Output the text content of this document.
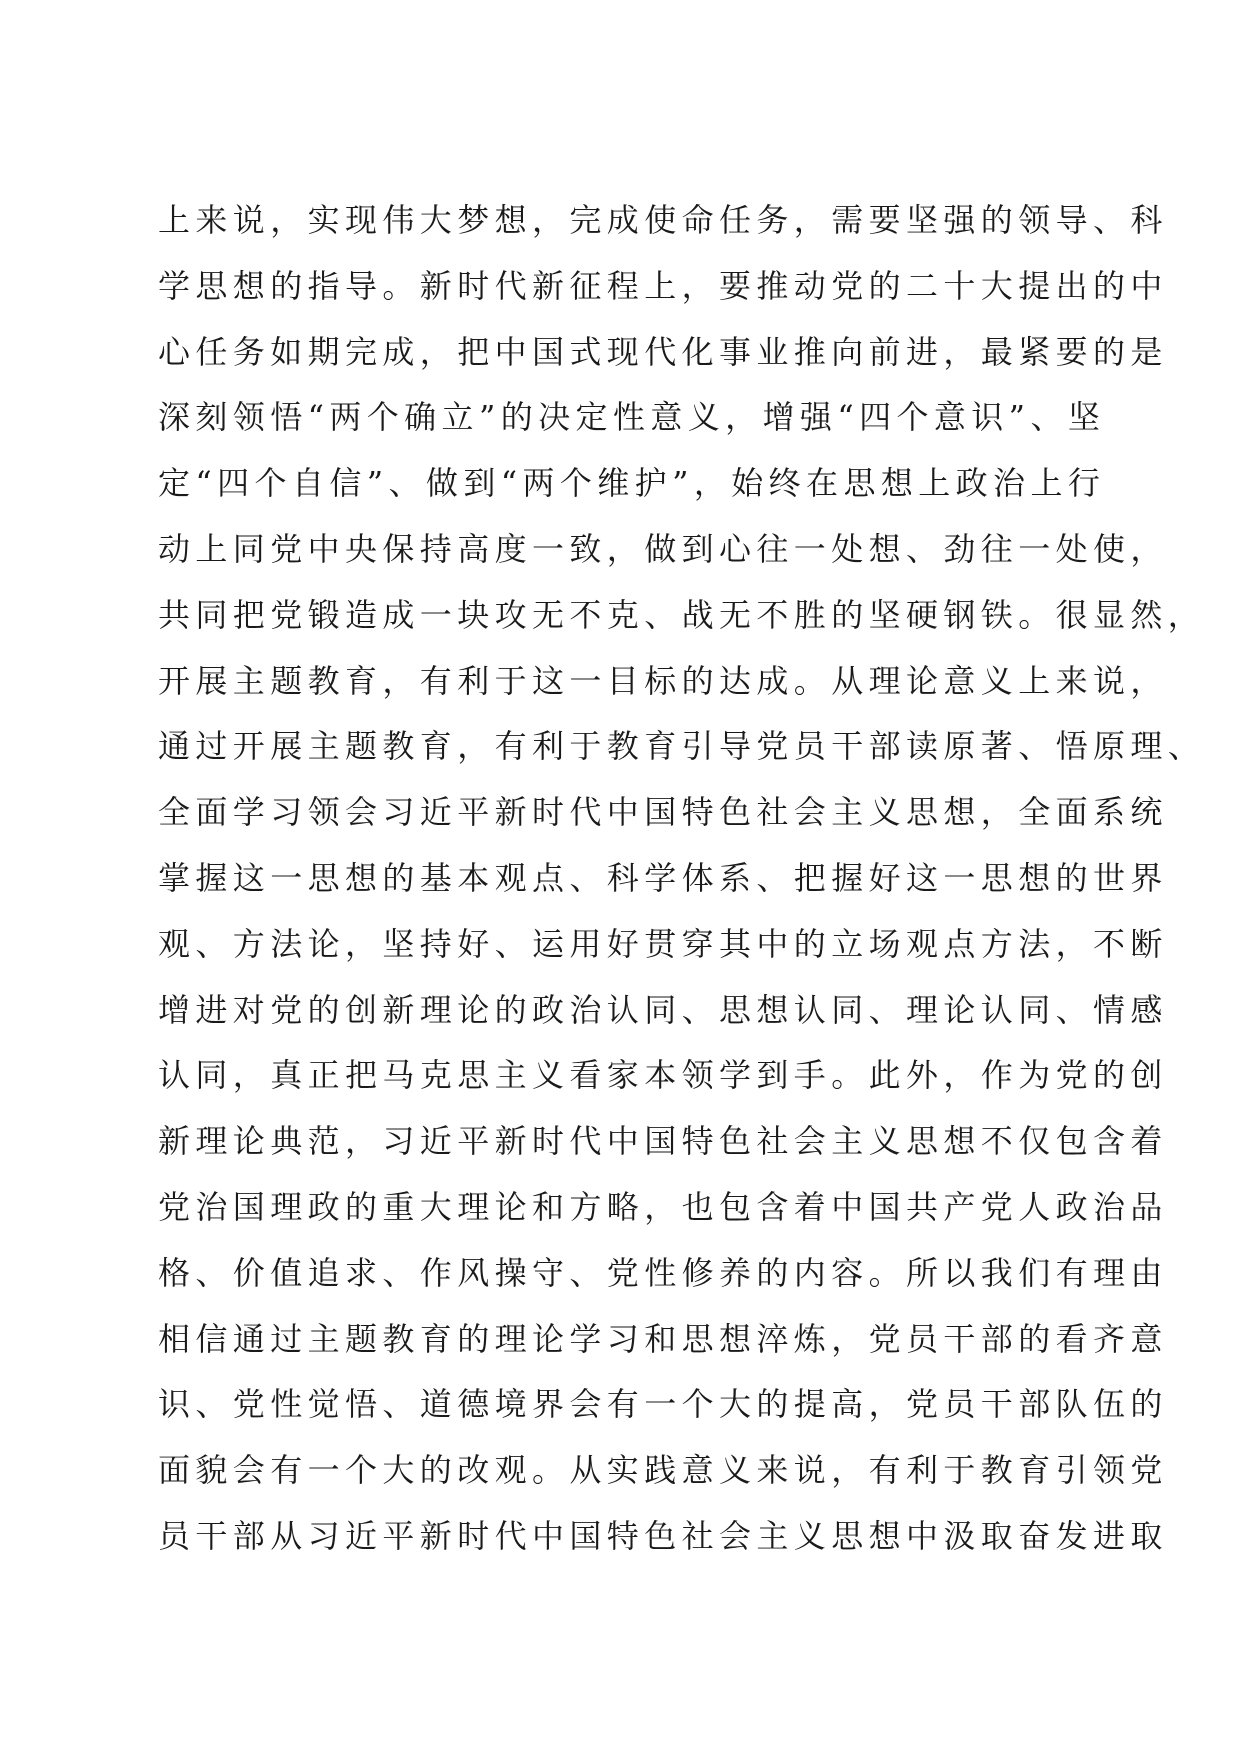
上来说，实现伟大梦想，完成使命任务，需要坚强的领导、科
学思想的指导。新时代新征程上，要推动党的二十大提出的中
心任务如期完成，把中国式现代化事业推向前进，最紧要的是
深刻领悟“两个确立”的决定性意义，增强“四个意识”、坚
定“四个自信”、做到“两个维护”，始终在思想上政治上行
动上同党中央保持高度一致，做到心往一处想、劲往一处使，
共同把党锻造成一块攻无不克、战无不胜的坚硬钢铁。很显然，
开展主题教育，有利于这一目标的达成。从理论意义上来说，
通过开展主题教育，有利于教育引导党员干部读原著、悟原理、
全面学习领会习近平新时代中国特色社会主义思想，全面系统
掌握这一思想的基本观点、科学体系、把握好这一思想的世界
观、方法论，坚持好、运用好贯穿其中的立场观点方法，不断
增进对党的创新理论的政治认同、思想认同、理论认同、情感
认同，真正把马克思主义看家本领学到手。此外，作为党的创
新理论典范，习近平新时代中国特色社会主义思想不仅包含着
党治国理政的重大理论和方略，也包含着中国共产党人政治品
格、价值追求、作风操守、党性修养的内容。所以我们有理由
相信通过主题教育的理论学习和思想淬炼，党员干部的看齐意
识、党性觉悟、道德境界会有一个大的提高，党员干部队伍的
面貌会有一个大的改观。从实践意义来说，有利于教育引领党
员干部从习近平新时代中国特色社会主义思想中汲取奋发进取
